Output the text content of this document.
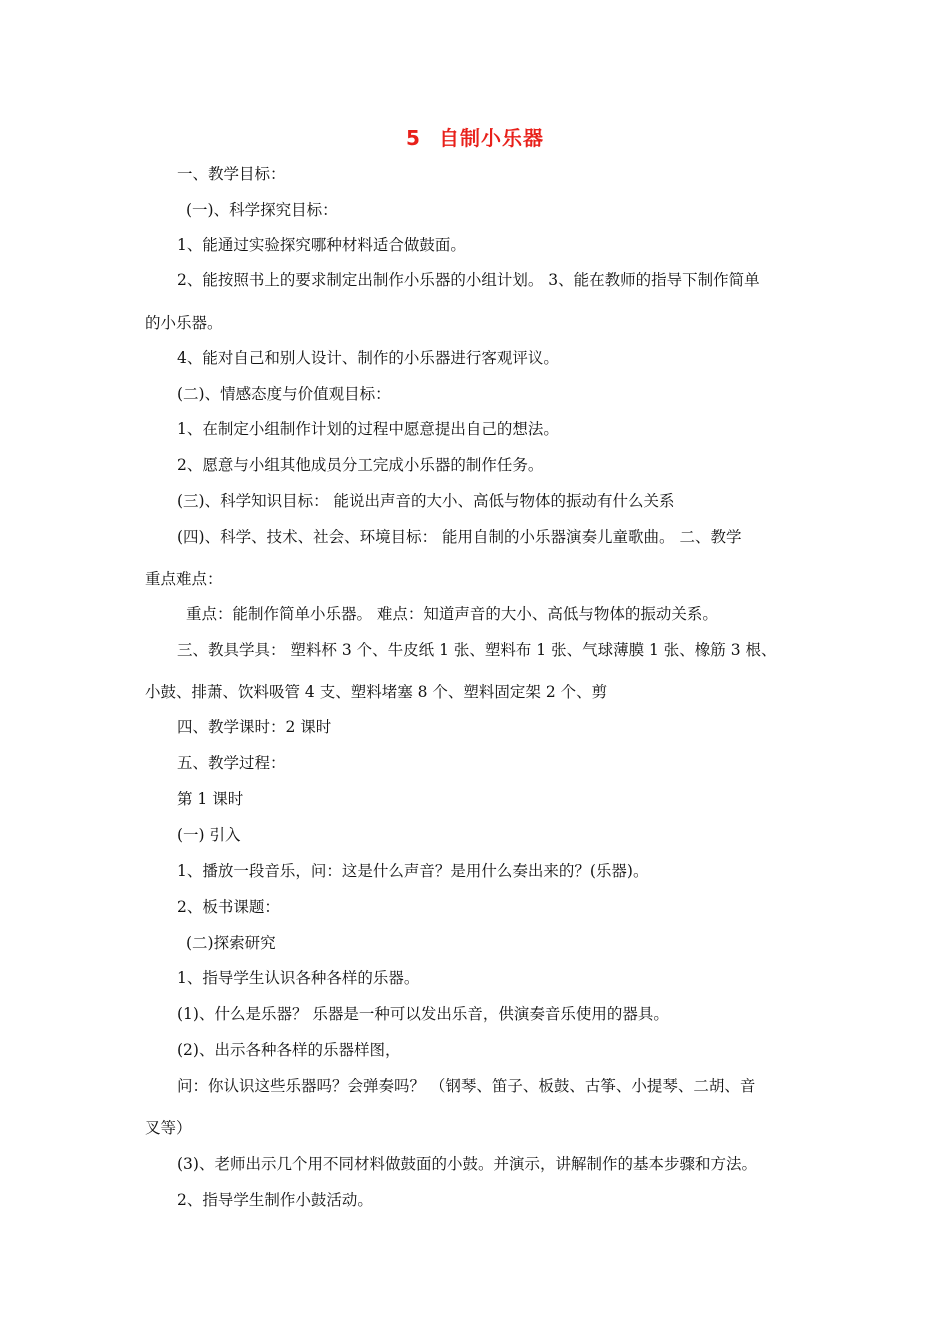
5 自制小乐器
一、教学目标：
(一)、科学探究目标：
1、能通过实验探究哪种材料适合做鼓面。
2、能按照书上的要求制定出制作小乐器的小组计划。 3、能在教师的指导下制作简单
的小乐器。
4、能对自己和别人设计、制作的小乐器进行客观评议。
(二)、情感态度与价值观目标：
1、在制定小组制作计划的过程中愿意提出自己的想法。
2、愿意与小组其他成员分工完成小乐器的制作任务。
(三)、科学知识目标： 能说出声音的大小、高低与物体的振动有什么关系
(四)、科学、技术、社会、环境目标： 能用自制的小乐器演奏儿童歌曲。 二、教学
重点难点：
重点：能制作简单小乐器。 难点：知道声音的大小、高低与物体的振动关系。
三、教具学具： 塑料杯 3 个、牛皮纸 1 张、塑料布 1 张、气球薄膜 1 张、橡筋 3 根、
小鼓、排萧、饮料吸管 4 支、塑料堵塞 8 个、塑料固定架 2 个、剪
四、教学课时：2 课时
五、教学过程：
第 1 课时
(一) 引入
1、播放一段音乐，问：这是什么声音？是用什么奏出来的？(乐器)。
2、板书课题：
(二)探索研究
1、指导学生认识各种各样的乐器。
(1)、什么是乐器？ 乐器是一种可以发出乐音，供演奏音乐使用的器具。
(2)、出示各种各样的乐器样图，
问：你认识这些乐器吗？会弹奏吗？ （钢琴、笛子、板鼓、古筝、小提琴、二胡、音
叉等）
(3)、老师出示几个用不同材料做鼓面的小鼓。并演示，讲解制作的基本步骤和方法。
2、指导学生制作小鼓活动。
